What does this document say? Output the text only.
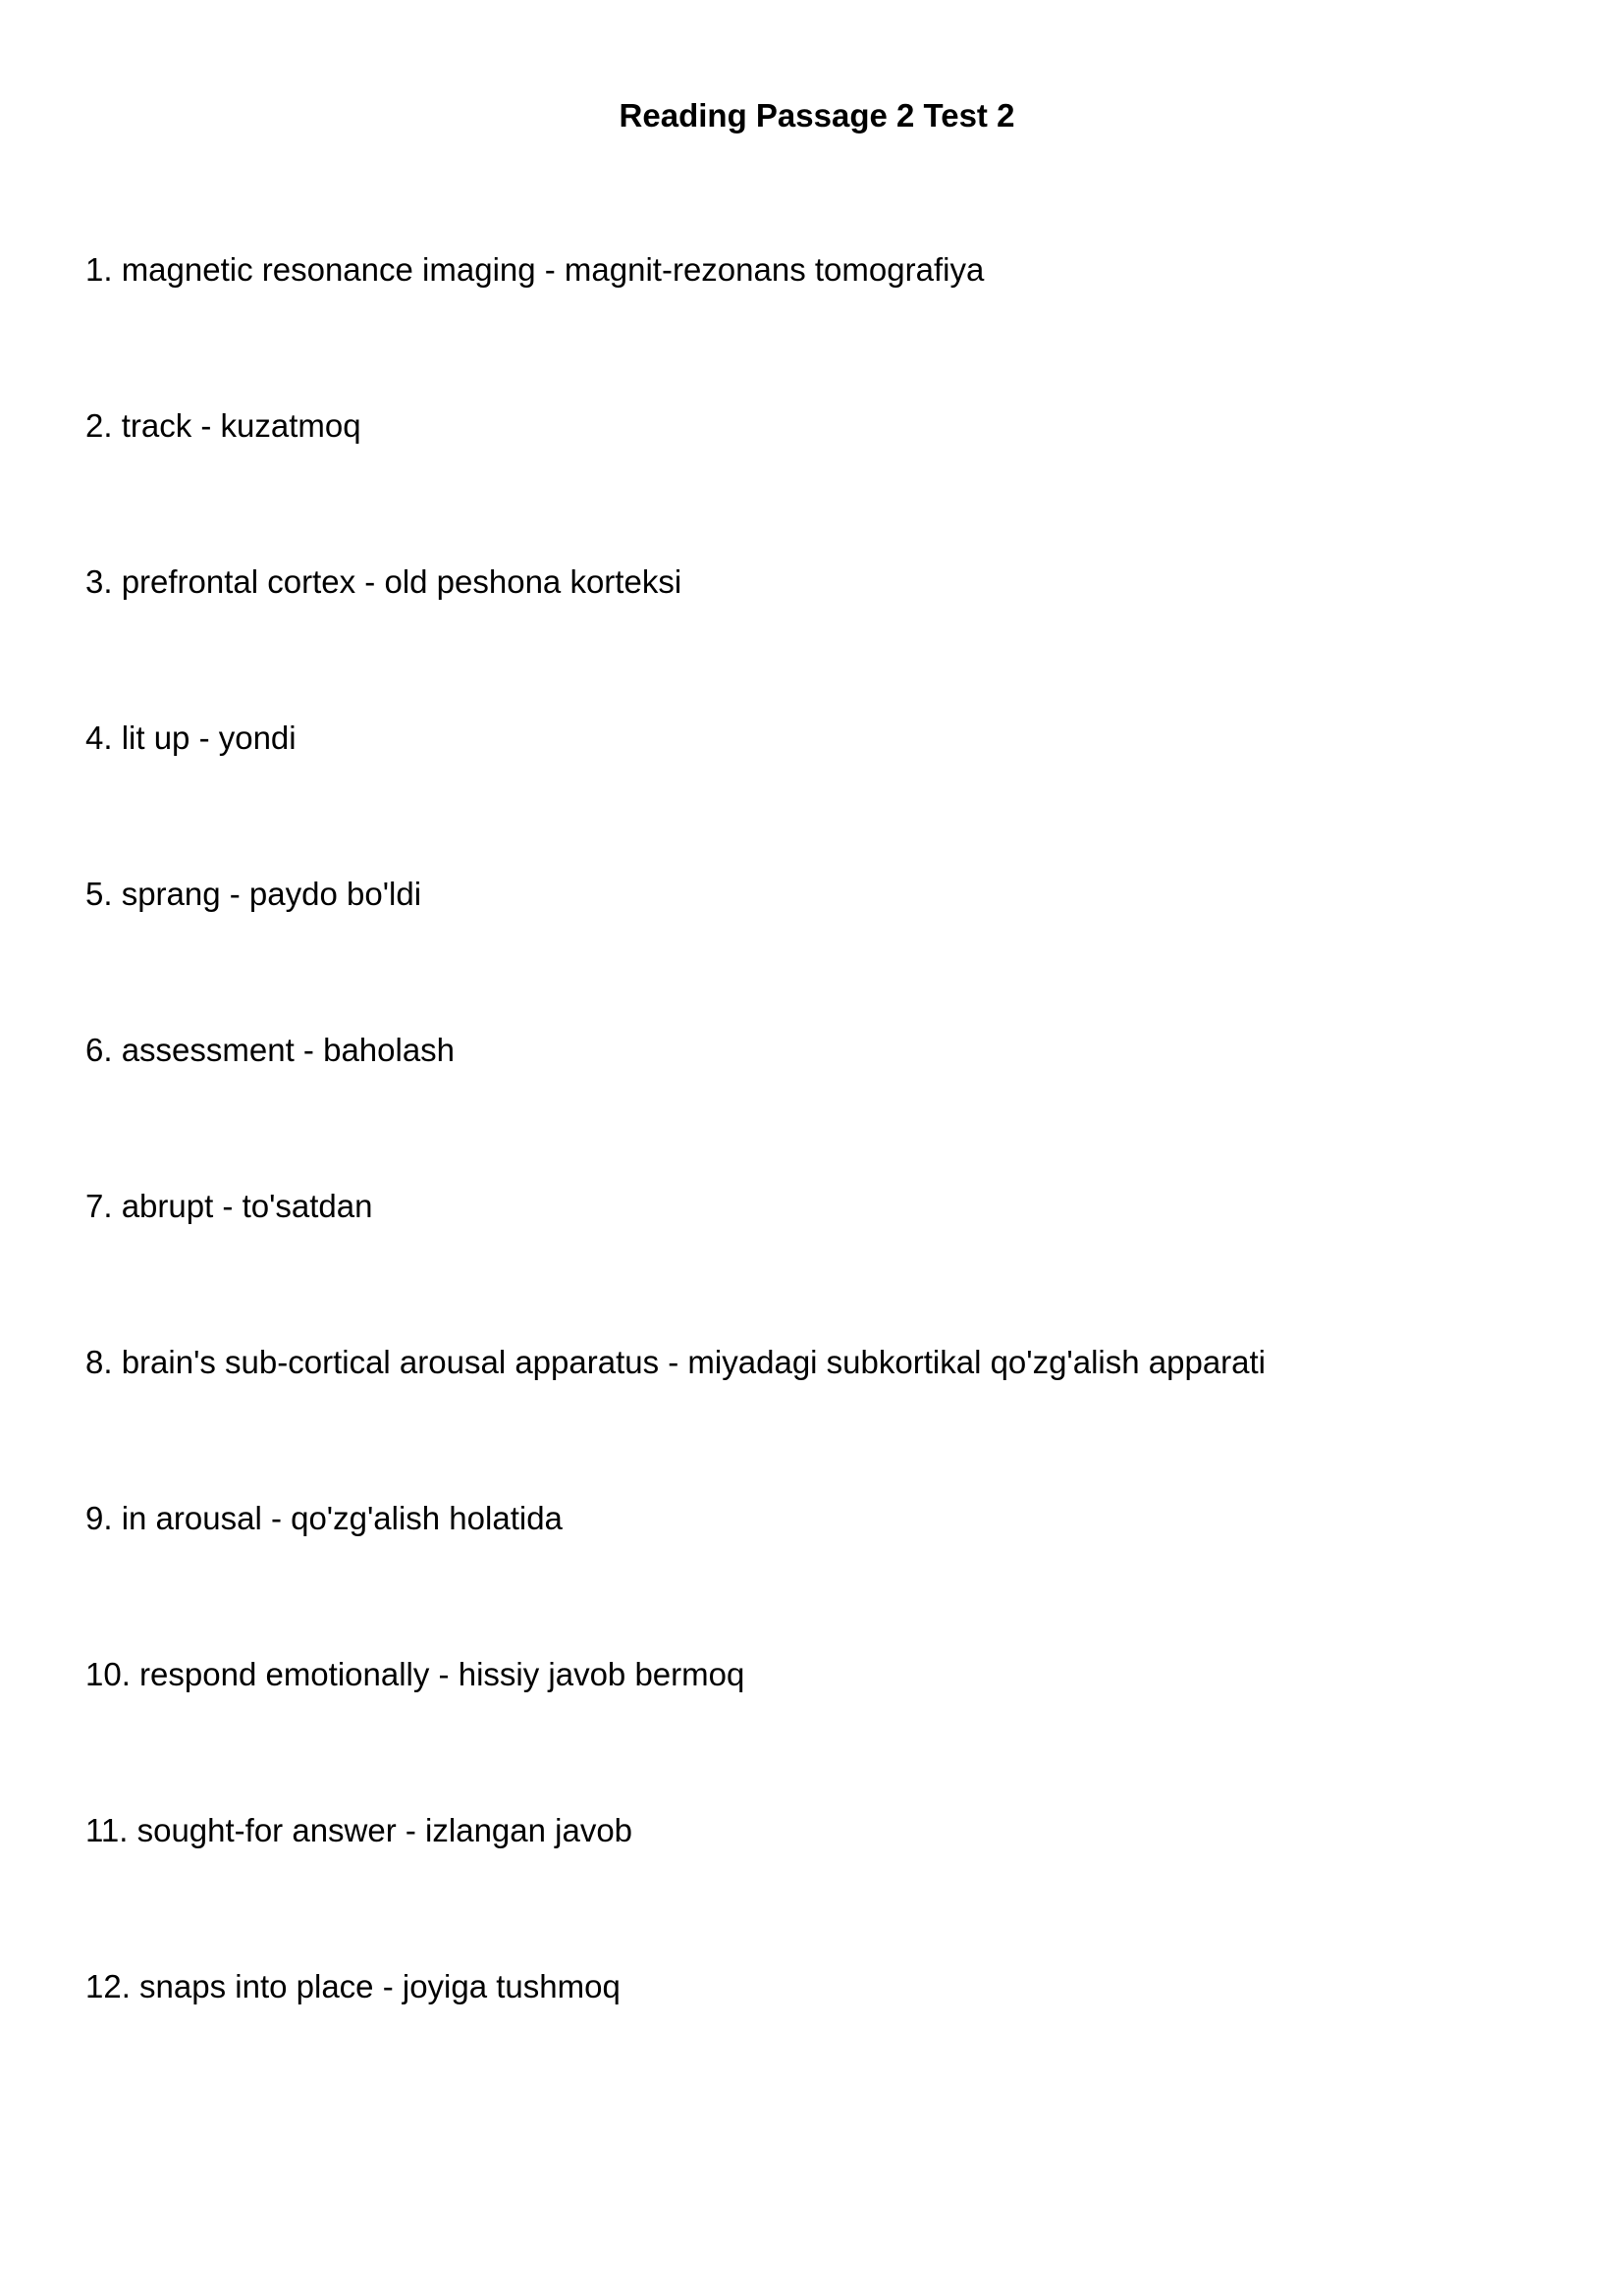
Reading Passage 2 Test 2
1. magnetic resonance imaging - magnit-rezonans tomografiya
2. track - kuzatmoq
3. prefrontal cortex - old peshona korteksi
4. lit up - yondi
5. sprang - paydo bo'ldi
6. assessment - baholash
7. abrupt - to'satdan
8. brain's sub-cortical arousal apparatus - miyadagi subkortikal qo'zg'alish apparati
9. in arousal - qo'zg'alish holatida
10. respond emotionally - hissiy javob bermoq
11. sought-for answer - izlangan javob
12. snaps into place - joyiga tushmoq
